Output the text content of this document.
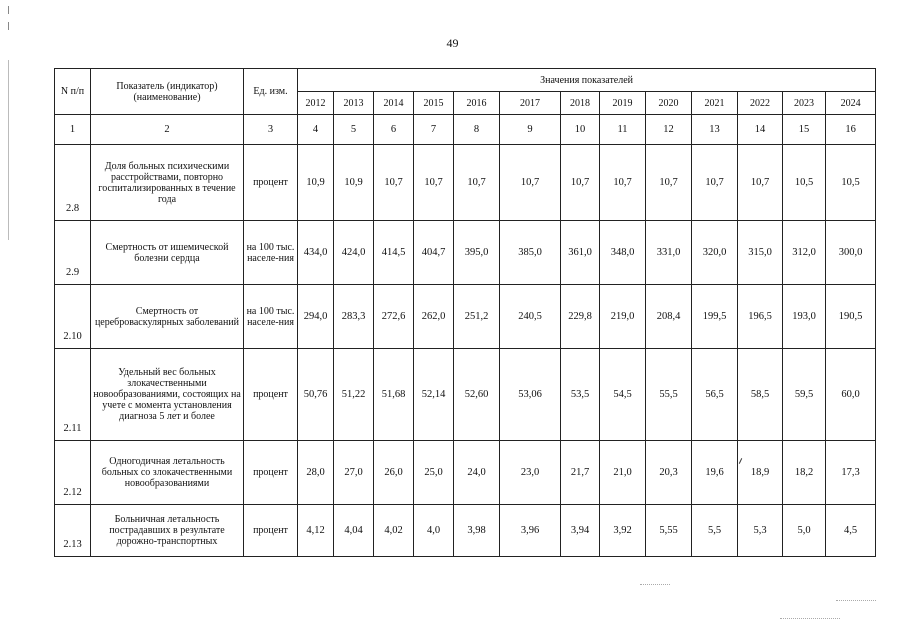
49
N п/п	Показатель (индикатор) (наименование)	Ед. изм.	Значения показателей												
			2012	2013	2014	2015	2016	2017	2018	2019	2020	2021	2022	2023	2024
1	2	3	4	5	6	7	8	9	10	11	12	13	14	15	16
2.8	Доля больных психическими расстройствами, повторно госпитализированных в течение года	процент	10,9	10,9	10,7	10,7	10,7	10,7	10,7	10,7	10,7	10,7	10,7	10,5	10,5
2.9	Смертность от ишемической болезни сердца	на 100 тыс. населе-ния	434,0	424,0	414,5	404,7	395,0	385,0	361,0	348,0	331,0	320,0	315,0	312,0	300,0
2.10	Смертность от цереброваскулярных заболеваний	на 100 тыс. населе-ния	294,0	283,3	272,6	262,0	251,2	240,5	229,8	219,0	208,4	199,5	196,5	193,0	190,5
2.11	Удельный вес больных злокачественными новообразованиями, состоящих на учете с момента установления диагноза 5 лет и более	процент	50,76	51,22	51,68	52,14	52,60	53,06	53,5	54,5	55,5	56,5	58,5	59,5	60,0
2.12	Одногодичная летальность больных со злокачественными новообразованиями	процент	28,0	27,0	26,0	25,0	24,0	23,0	21,7	21,0	20,3	19,6	18,9	18,2	17,3
2.13	Больничная летальность пострадавших в результате дорожно-транспортных	процент	4,12	4,04	4,02	4,0	3,98	3,96	3,94	3,92	5,55	5,5	5,3	5,0	4,5
